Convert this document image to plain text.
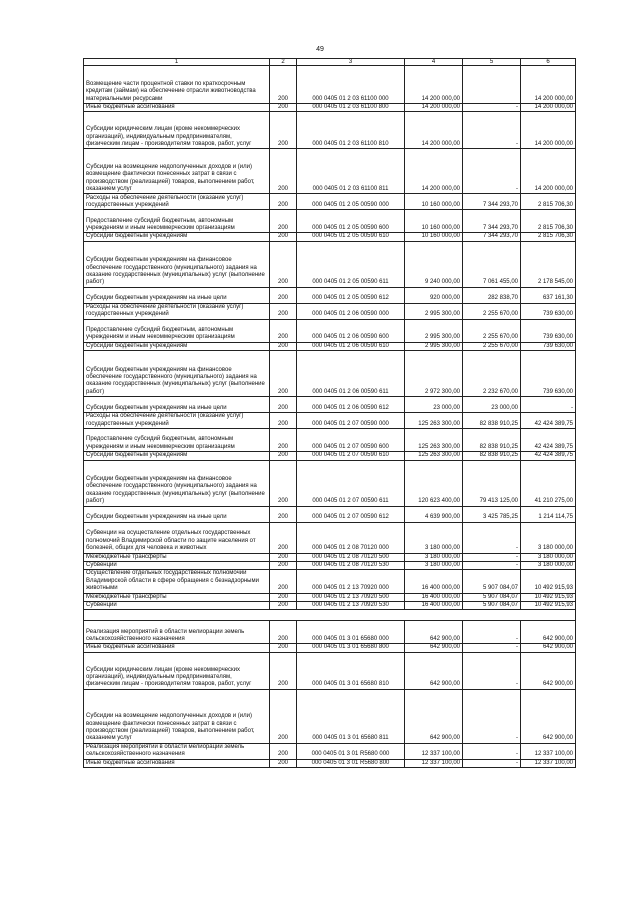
49
1	2	3	4	5	6
Возмещение части процентной ставки по краткосрочным кредитам (займам) на обеспечение отрасли животноводства материальными ресурсами	200	000 0405 01 2 03 61100 000	14 200 000,00		14 200 000,00
Иные бюджетные ассигнования	200	000 0405 01 2 03 61100 800	14 200 000,00	-	14 200 000,00
Субсидии юридическим лицам (кроме некоммерческих организаций), индивидуальным предпринимателям, физическим лицам - производителям товаров, работ, услуг	200	000 0405 01 2 03 61100 810	14 200 000,00	-	14 200 000,00
Субсидии на возмещение недополученных доходов и (или) возмещение фактически понесенных затрат в связи с производством (реализацией) товаров, выполнением работ, оказанием услуг	200	000 0405 01 2 03 61100 811	14 200 000,00	-	14 200 000,00
Расходы на обеспечение деятельности (оказание услуг) государственных учреждений	200	000 0405 01 2 05 00590 000	10 160 000,00	7 344 293,70	2 815 706,30
Предоставление субсидий бюджетным, автономным учреждениям и иным некоммерческим организациям	200	000 0405 01 2 05 00590 600	10 160 000,00	7 344 293,70	2 815 706,30
Субсидии бюджетным учреждениям	200	000 0405 01 2 05 00590 610	10 160 000,00	7 344 293,70	2 815 706,30
Субсидии бюджетным учреждениям на финансовое обеспечение государственного (муниципального) задания на оказание государственных (муниципальных) услуг (выполнение работ)	200	000 0405 01 2 05 00590 611	9 240 000,00	7 061 455,00	2 178 545,00
Субсидии бюджетным учреждениям на иные цели	200	000 0405 01 2 05 00590 612	920 000,00	282 838,70	637 161,30
Расходы на обеспечение деятельности (оказание услуг) государственных учреждений	200	000 0405 01 2 06 00590 000	2 995 300,00	2 255 670,00	739 630,00
Предоставление субсидий бюджетным, автономным учреждениям и иным некоммерческим организациям	200	000 0405 01 2 06 00590 600	2 995 300,00	2 255 670,00	739 630,00
Субсидии бюджетным учреждениям	200	000 0405 01 2 06 00590 610	2 995 300,00	2 255 670,00	739 630,00
Субсидии бюджетным учреждениям на финансовое обеспечение государственного (муниципального) задания на оказание государственных (муниципальных) услуг (выполнение работ)	200	000 0405 01 2 06 00590 611	2 972 300,00	2 232 670,00	739 630,00
Субсидии бюджетным учреждениям на иные цели	200	000 0405 01 2 06 00590 612	23 000,00	23 000,00	-
Расходы на обеспечение деятельности (оказание услуг) государственных учреждений	200	000 0405 01 2 07 00590 000	125 263 300,00	82 838 910,25	42 424 389,75
Предоставление субсидий бюджетным, автономным учреждениям и иным некоммерческим организациям	200	000 0405 01 2 07 00590 600	125 263 300,00	82 838 910,25	42 424 389,75
Субсидии бюджетным учреждениям	200	000 0405 01 2 07 00590 610	125 263 300,00	82 838 910,25	42 424 389,75
Субсидии бюджетным учреждениям на финансовое обеспечение государственного (муниципального) задания на оказание государственных (муниципальных) услуг (выполнение работ)	200	000 0405 01 2 07 00590 611	120 623 400,00	79 413 125,00	41 210 275,00
Субсидии бюджетным учреждениям на иные цели	200	000 0405 01 2 07 00590 612	4 639 900,00	3 425 785,25	1 214 114,75
Субвенции на осуществление отдельных государственных полномочий Владимирской области по защите населения от болезней, общих для человека и животных	200	000 0405 01 2 08 70120 000	3 180 000,00	-	3 180 000,00
Межбюджетные трансферты	200	000 0405 01 2 08 70120 500	3 180 000,00	-	3 180 000,00
Субвенции	200	000 0405 01 2 08 70120 530	3 180 000,00	-	3 180 000,00
Осуществление отдельных государственных полномочий Владимирской области в сфере обращения с безнадзорными животными	200	000 0405 01 2 13 70920 000	16 400 000,00	5 907 084,07	10 492 915,93
Межбюджетные трансферты	200	000 0405 01 2 13 70920 500	16 400 000,00	5 907 084,07	10 492 915,93
Субвенции	200	000 0405 01 2 13 70920 530	16 400 000,00	5 907 084,07	10 492 915,93

Реализация мероприятий в области мелиорации земель сельскохозяйственного назначения	200	000 0405 01 3 01 65680 000	642 900,00	-	642 900,00
Иные бюджетные ассигнования	200	000 0405 01 3 01 65680 800	642 900,00	-	642 900,00
Субсидии юридическим лицам (кроме некоммерческих организаций), индивидуальным предпринимателям, физическим лицам - производителям товаров, работ, услуг	200	000 0405 01 3 01 65680 810	642 900,00	-	642 900,00
Субсидии на возмещение недополученных доходов и (или) возмещение фактически понесенных затрат в связи с производством (реализацией) товаров, выполнением работ, оказанием услуг	200	000 0405 01 3 01 65680 811	642 900,00	-	642 900,00
Реализация мероприятий в области мелиорации земель сельскохозяйственного назначения	200	000 0405 01 3 01 R5680 000	12 337 100,00	-	12 337 100,00
Иные бюджетные ассигнования	200	000 0405 01 3 01 R5680 800	12 337 100,00	-	12 337 100,00
